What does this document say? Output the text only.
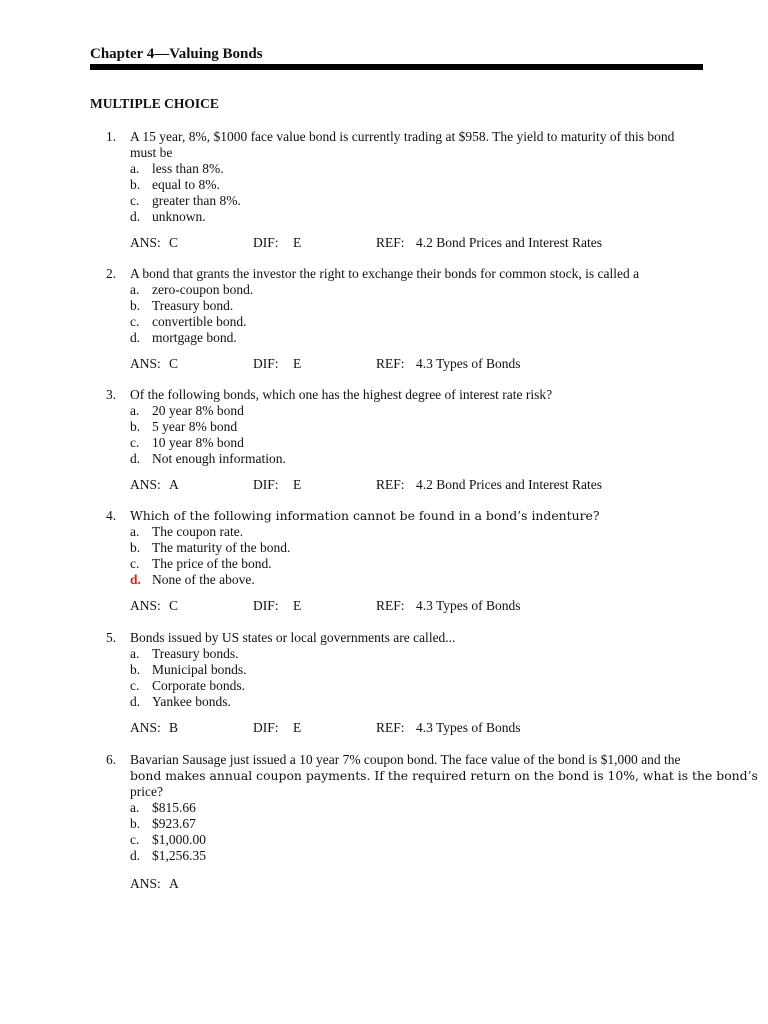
Chapter 4—Valuing Bonds
MULTIPLE CHOICE
1. A 15 year, 8%, $1000 face value bond is currently trading at $958. The yield to maturity of this bond must be
a. less than 8%.
b. equal to 8%.
c. greater than 8%.
d. unknown.
ANS: C	DIF: E	REF: 4.2 Bond Prices and Interest Rates
2. A bond that grants the investor the right to exchange their bonds for common stock, is called a
a. zero-coupon bond.
b. Treasury bond.
c. convertible bond.
d. mortgage bond.
ANS: C	DIF: E	REF: 4.3 Types of Bonds
3. Of the following bonds, which one has the highest degree of interest rate risk?
a. 20 year 8% bond
b. 5 year 8% bond
c. 10 year 8% bond
d. Not enough information.
ANS: A	DIF: E	REF: 4.2 Bond Prices and Interest Rates
4. Which of the following information cannot be found in a bond’s indenture?
a. The coupon rate.
b. The maturity of the bond.
c. The price of the bond.
d. None of the above.
ANS: C	DIF: E	REF: 4.3 Types of Bonds
5. Bonds issued by US states or local governments are called...
a. Treasury bonds.
b. Municipal bonds.
c. Corporate bonds.
d. Yankee bonds.
ANS: B	DIF: E	REF: 4.3 Types of Bonds
6. Bavarian Sausage just issued a 10 year 7% coupon bond. The face value of the bond is $1,000 and the
bond makes annual coupon payments. If the required return on the bond is 10%, what is the bond’s
price?
a. $815.66
b. $923.67
c. $1,000.00
d. $1,256.35
ANS: A
